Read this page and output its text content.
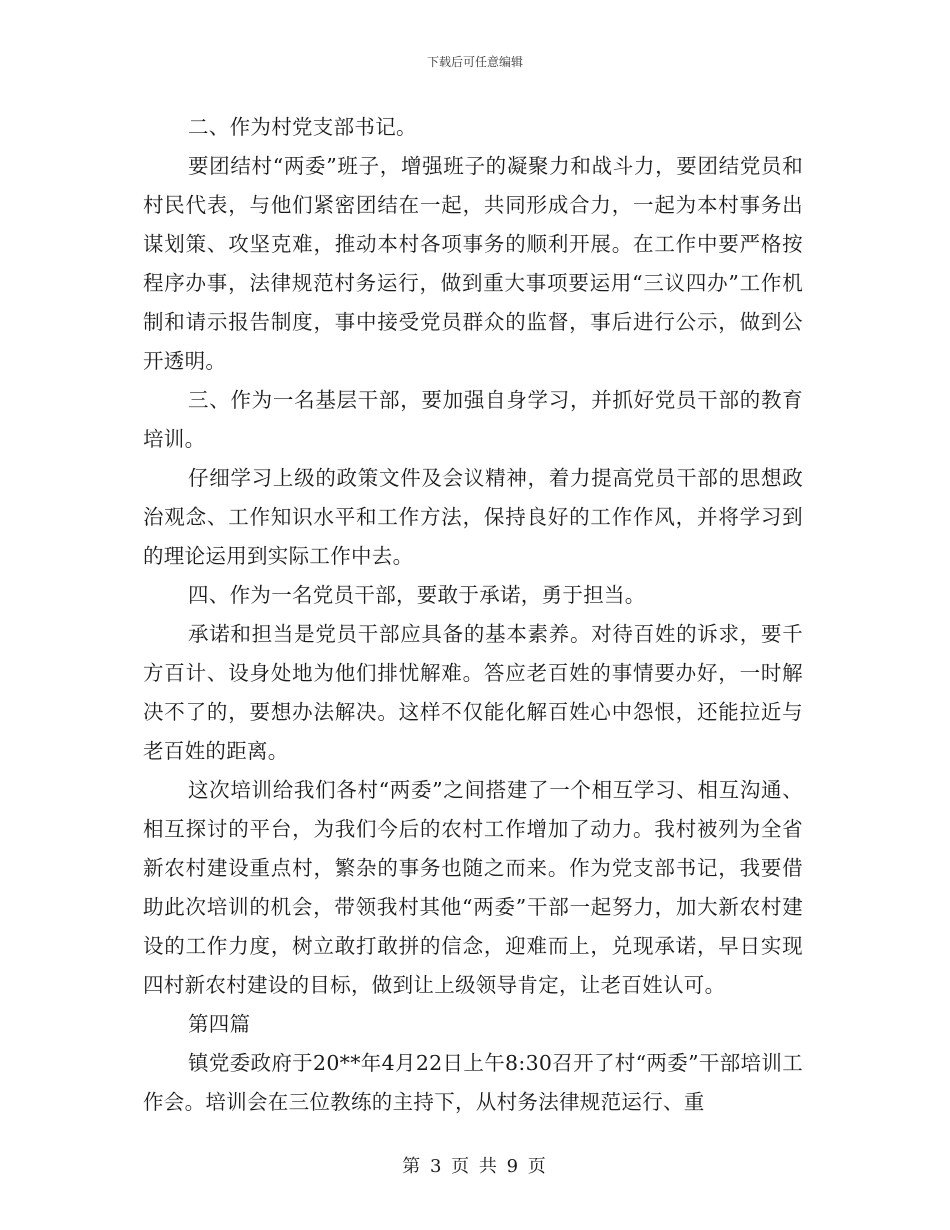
下载后可任意编辑

二、作为村党支部书记。

要团结村“两委”班子，增强班子的凝聚力和战斗力，要团结党员和村民代表，与他们紧密团结在一起，共同形成合力，一起为本村事务出谋划策、攻坚克难，推动本村各项事务的顺利开展。在工作中要严格按程序办事，法律规范村务运行，做到重大事项要运用“三议四办”工作机制和请示报告制度，事中接受党员群众的监督，事后进行公示，做到公开透明。

三、作为一名基层干部，要加强自身学习，并抓好党员干部的教育培训。

仔细学习上级的政策文件及会议精神，着力提高党员干部的思想政治观念、工作知识水平和工作方法，保持良好的工作作风，并将学习到的理论运用到实际工作中去。

四、作为一名党员干部，要敢于承诺，勇于担当。

承诺和担当是党员干部应具备的基本素养。对待百姓的诉求，要千方百计、设身处地为他们排忧解难。答应老百姓的事情要办好，一时解决不了的，要想办法解决。这样不仅能化解百姓心中怨恨，还能拉近与老百姓的距离。

这次培训给我们各村“两委”之间搭建了一个相互学习、相互沟通、相互探讨的平台，为我们今后的农村工作增加了动力。我村被列为全省新农村建设重点村，繁杂的事务也随之而来。作为党支部书记，我要借助此次培训的机会，带领我村其他“两委”干部一起努力，加大新农村建设的工作力度，树立敢打敢拼的信念，迎难而上，兑现承诺，早日实现四村新农村建设的目标，做到让上级领导肯定，让老百姓认可。

第四篇

镇党委政府于20**年4月22日上午8:30召开了村“两委”干部培训工作会。培训会在三位教练的主持下，从村务法律规范运行、重

第 3 页 共 9 页
